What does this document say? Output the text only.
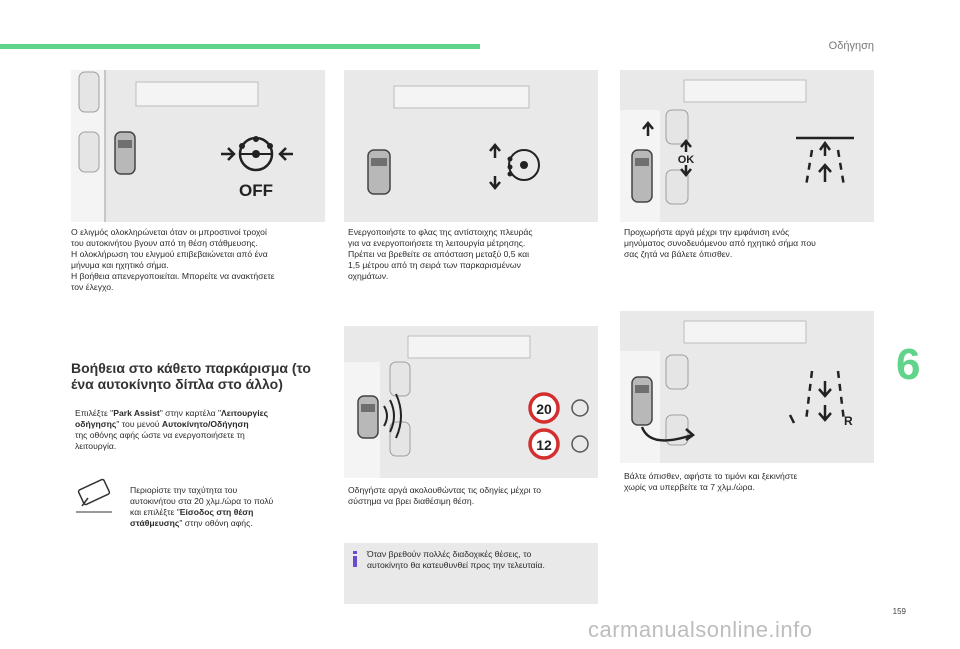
Οδήγηση
OFF
Ο ελιγμός ολοκληρώνεται όταν οι μπροστινοί τροχοί
του αυτοκινήτου βγουν από τη θέση στάθμευσης.
Η ολοκλήρωση του ελιγμού επιβεβαιώνεται από ένα
μήνυμα και ηχητικό σήμα.
Η βοήθεια απενεργοποιείται. Μπορείτε να ανακτήσετε
τον έλεγχο.
Βοήθεια στο κάθετο παρκάρισμα (το
ένα αυτοκίνητο δίπλα στο άλλο)
Επιλέξτε "Park Assist" στην καρτέλα "Λειτουργίες
οδήγησης" του μενού Αυτοκίνητο/Οδήγηση
της οθόνης αφής ώστε να ενεργοποιήσετε τη
λειτουργία.
Περιορίστε την ταχύτητα του
αυτοκινήτου στα 20 χλμ./ώρα το πολύ
και επιλέξτε "Είσοδος στη θέση
στάθμευσης" στην οθόνη αφής.
Ενεργοποιήστε το φλας της αντίστοιχης πλευράς
για να ενεργοποιήσετε τη λειτουργία μέτρησης.
Πρέπει να βρεθείτε σε απόσταση μεταξύ 0,5 και
1,5 μέτρου από τη σειρά των παρκαρισμένων
οχημάτων.
20
12
Οδηγήστε αργά ακολουθώντας τις οδηγίες μέχρι το
σύστημα να βρει διαθέσιμη θέση.
Όταν βρεθούν πολλές διαδοχικές θέσεις, το
αυτοκίνητο θα κατευθυνθεί προς την τελευταία.
OK
Προχωρήστε αργά μέχρι την εμφάνιση ενός
μηνύματος συνοδευόμενου από ηχητικό σήμα που
σας ζητά να βάλετε όπισθεν.
R
Βάλτε όπισθεν, αφήστε το τιμόνι και ξεκινήστε
χωρίς να υπερβείτε τα 7 χλμ./ώρα.
6
159
carmanualsonline.info
